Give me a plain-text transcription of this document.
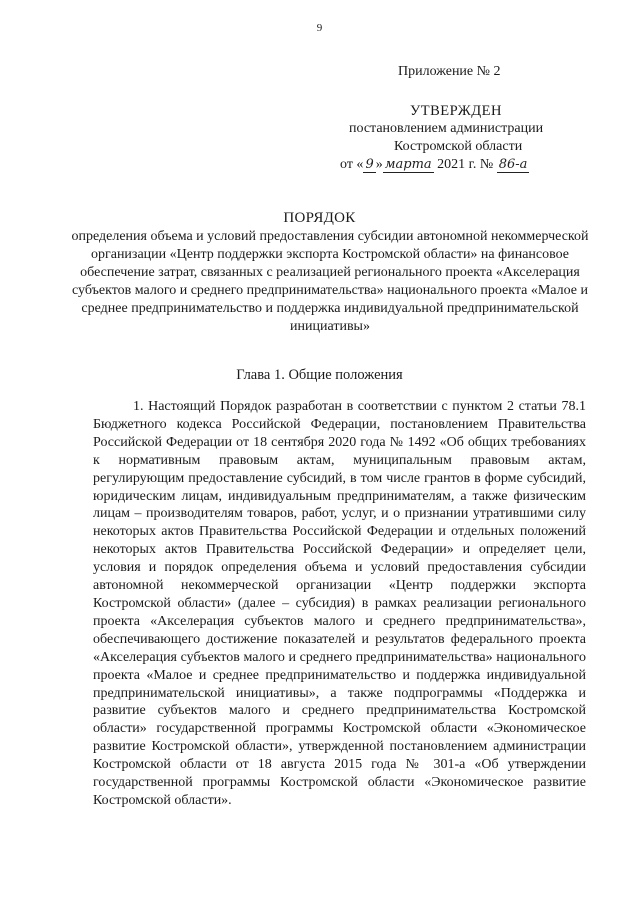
9
Приложение № 2
УТВЕРЖДЕН
постановлением администрации
Костромской области
от « 9 » марта 2021 г. № 86-а
ПОРЯДОК
определения объема и условий предоставления субсидии автономной некоммерческой организации «Центр поддержки экспорта Костромской области» на финансовое обеспечение затрат, связанных с реализацией регионального проекта «Акселерация субъектов малого и среднего предпринимательства» национального проекта «Малое и среднее предпринимательство и поддержка индивидуальной предпринимательской инициативы»
Глава 1. Общие положения

1. Настоящий Порядок разработан в соответствии с пунктом 2 статьи 78.1 Бюджетного кодекса Российской Федерации, постановлением Правительства Российской Федерации от 18 сентября 2020 года № 1492 «Об общих требованиях к нормативным правовым актам, муниципальным правовым актам, регулирующим предоставление субсидий, в том числе грантов в форме субсидий, юридическим лицам, индивидуальным предпринимателям, а также физическим лицам – производителям товаров, работ, услуг, и о признании утратившими силу некоторых актов Правительства Российской Федерации и отдельных положений некоторых актов Правительства Российской Федерации» и определяет цели, условия и порядок определения объема и условий предоставления субсидии автономной некоммерческой организации «Центр поддержки экспорта Костромской области» (далее – субсидия) в рамках реализации регионального проекта «Акселерация субъектов малого и среднего предпринимательства», обеспечивающего достижение показателей и результатов федерального проекта «Акселерация субъектов малого и среднего предпринимательства» национального проекта «Малое и среднее предпринимательство и поддержка индивидуальной предпринимательской инициативы», а также подпрограммы «Поддержка и развитие субъектов малого и среднего предпринимательства Костромской области» государственной программы Костромской области «Экономическое развитие Костромской области», утвержденной постановлением администрации Костромской области от 18 августа 2015 года № 301-а «Об утверждении государственной программы Костромской области «Экономическое развитие Костромской области».
